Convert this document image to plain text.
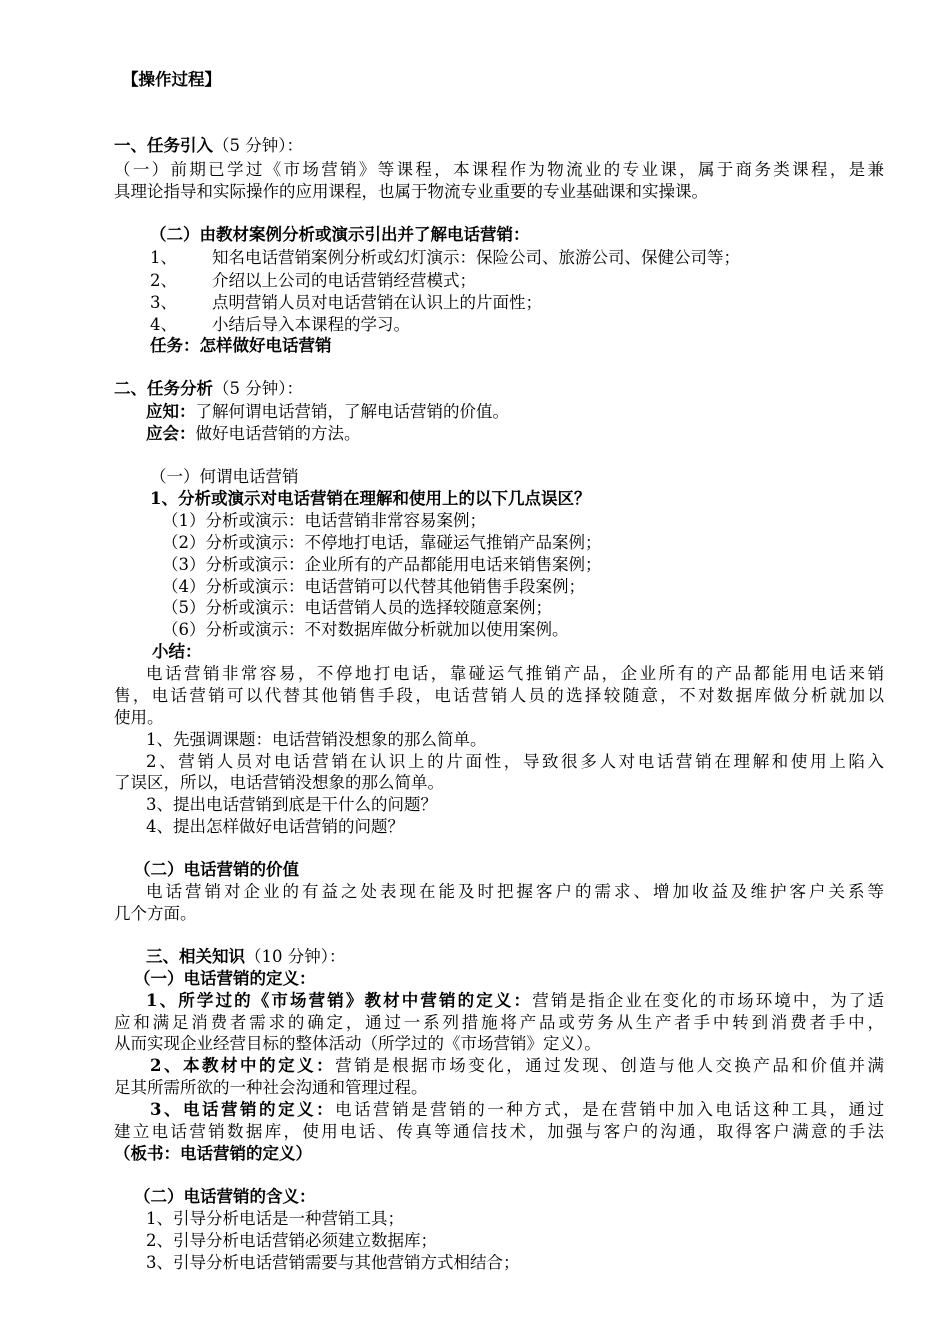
【操作过程】
一、任务引入（5 分钟）：
（一）前期已学过《市场营销》等课程，本课程作为物流业的专业课，属于商务类课程，是兼
具理论指导和实际操作的应用课程，也属于物流专业重要的专业基础课和实操课。
（二）由教材案例分析或演示引出并了解电话营销：
1、 知名电话营销案例分析或幻灯演示：保险公司、旅游公司、保健公司等；
2、 介绍以上公司的电话营销经营模式；
3、 点明营销人员对电话营销在认识上的片面性；
4、 小结后导入本课程的学习。
任务：怎样做好电话营销
二、任务分析（5 分钟）：
应知：了解何谓电话营销，了解电话营销的价值。
应会：做好电话营销的方法。
（一）何谓电话营销
1、分析或演示对电话营销在理解和使用上的以下几点误区？
（1）分析或演示：电话营销非常容易案例；
（2）分析或演示：不停地打电话，靠碰运气推销产品案例；
（3）分析或演示：企业所有的产品都能用电话来销售案例；
（4）分析或演示：电话营销可以代替其他销售手段案例；
（5）分析或演示：电话营销人员的选择较随意案例；
（6）分析或演示：不对数据库做分析就加以使用案例。
小结：
电话营销非常容易，不停地打电话，靠碰运气推销产品，企业所有的产品都能用电话来销
售，电话营销可以代替其他销售手段，电话营销人员的选择较随意，不对数据库做分析就加以
使用。
1、先强调课题：电话营销没想象的那么简单。
2、营销人员对电话营销在认识上的片面性，导致很多人对电话营销在理解和使用上陷入
了误区，所以，电话营销没想象的那么简单。
3、提出电话营销到底是干什么的问题？
4、提出怎样做好电话营销的问题？
（二）电话营销的价值
电话营销对企业的有益之处表现在能及时把握客户的需求、增加收益及维护客户关系等
几个方面。
三、相关知识（10 分钟）：
（一）电话营销的定义：
1、所学过的《市场营销》教材中营销的定义：营销是指企业在变化的市场环境中，为了适
应和满足消费者需求的确定，通过一系列措施将产品或劳务从生产者手中转到消费者手中，
从而实现企业经营目标的整体活动（所学过的《市场营销》定义）。
2、本教材中的定义：营销是根据市场变化，通过发现、创造与他人交换产品和价值并满
足其所需所欲的一种社会沟通和管理过程。
3、电话营销的定义：电话营销是营销的一种方式，是在营销中加入电话这种工具，通过
建立电话营销数据库，使用电话、传真等通信技术，加强与客户的沟通，取得客户满意的手法
（板书：电话营销的定义）
（二）电话营销的含义：
1、引导分析电话是一种营销工具；
2、引导分析电话营销必须建立数据库；
3、引导分析电话营销需要与其他营销方式相结合；
